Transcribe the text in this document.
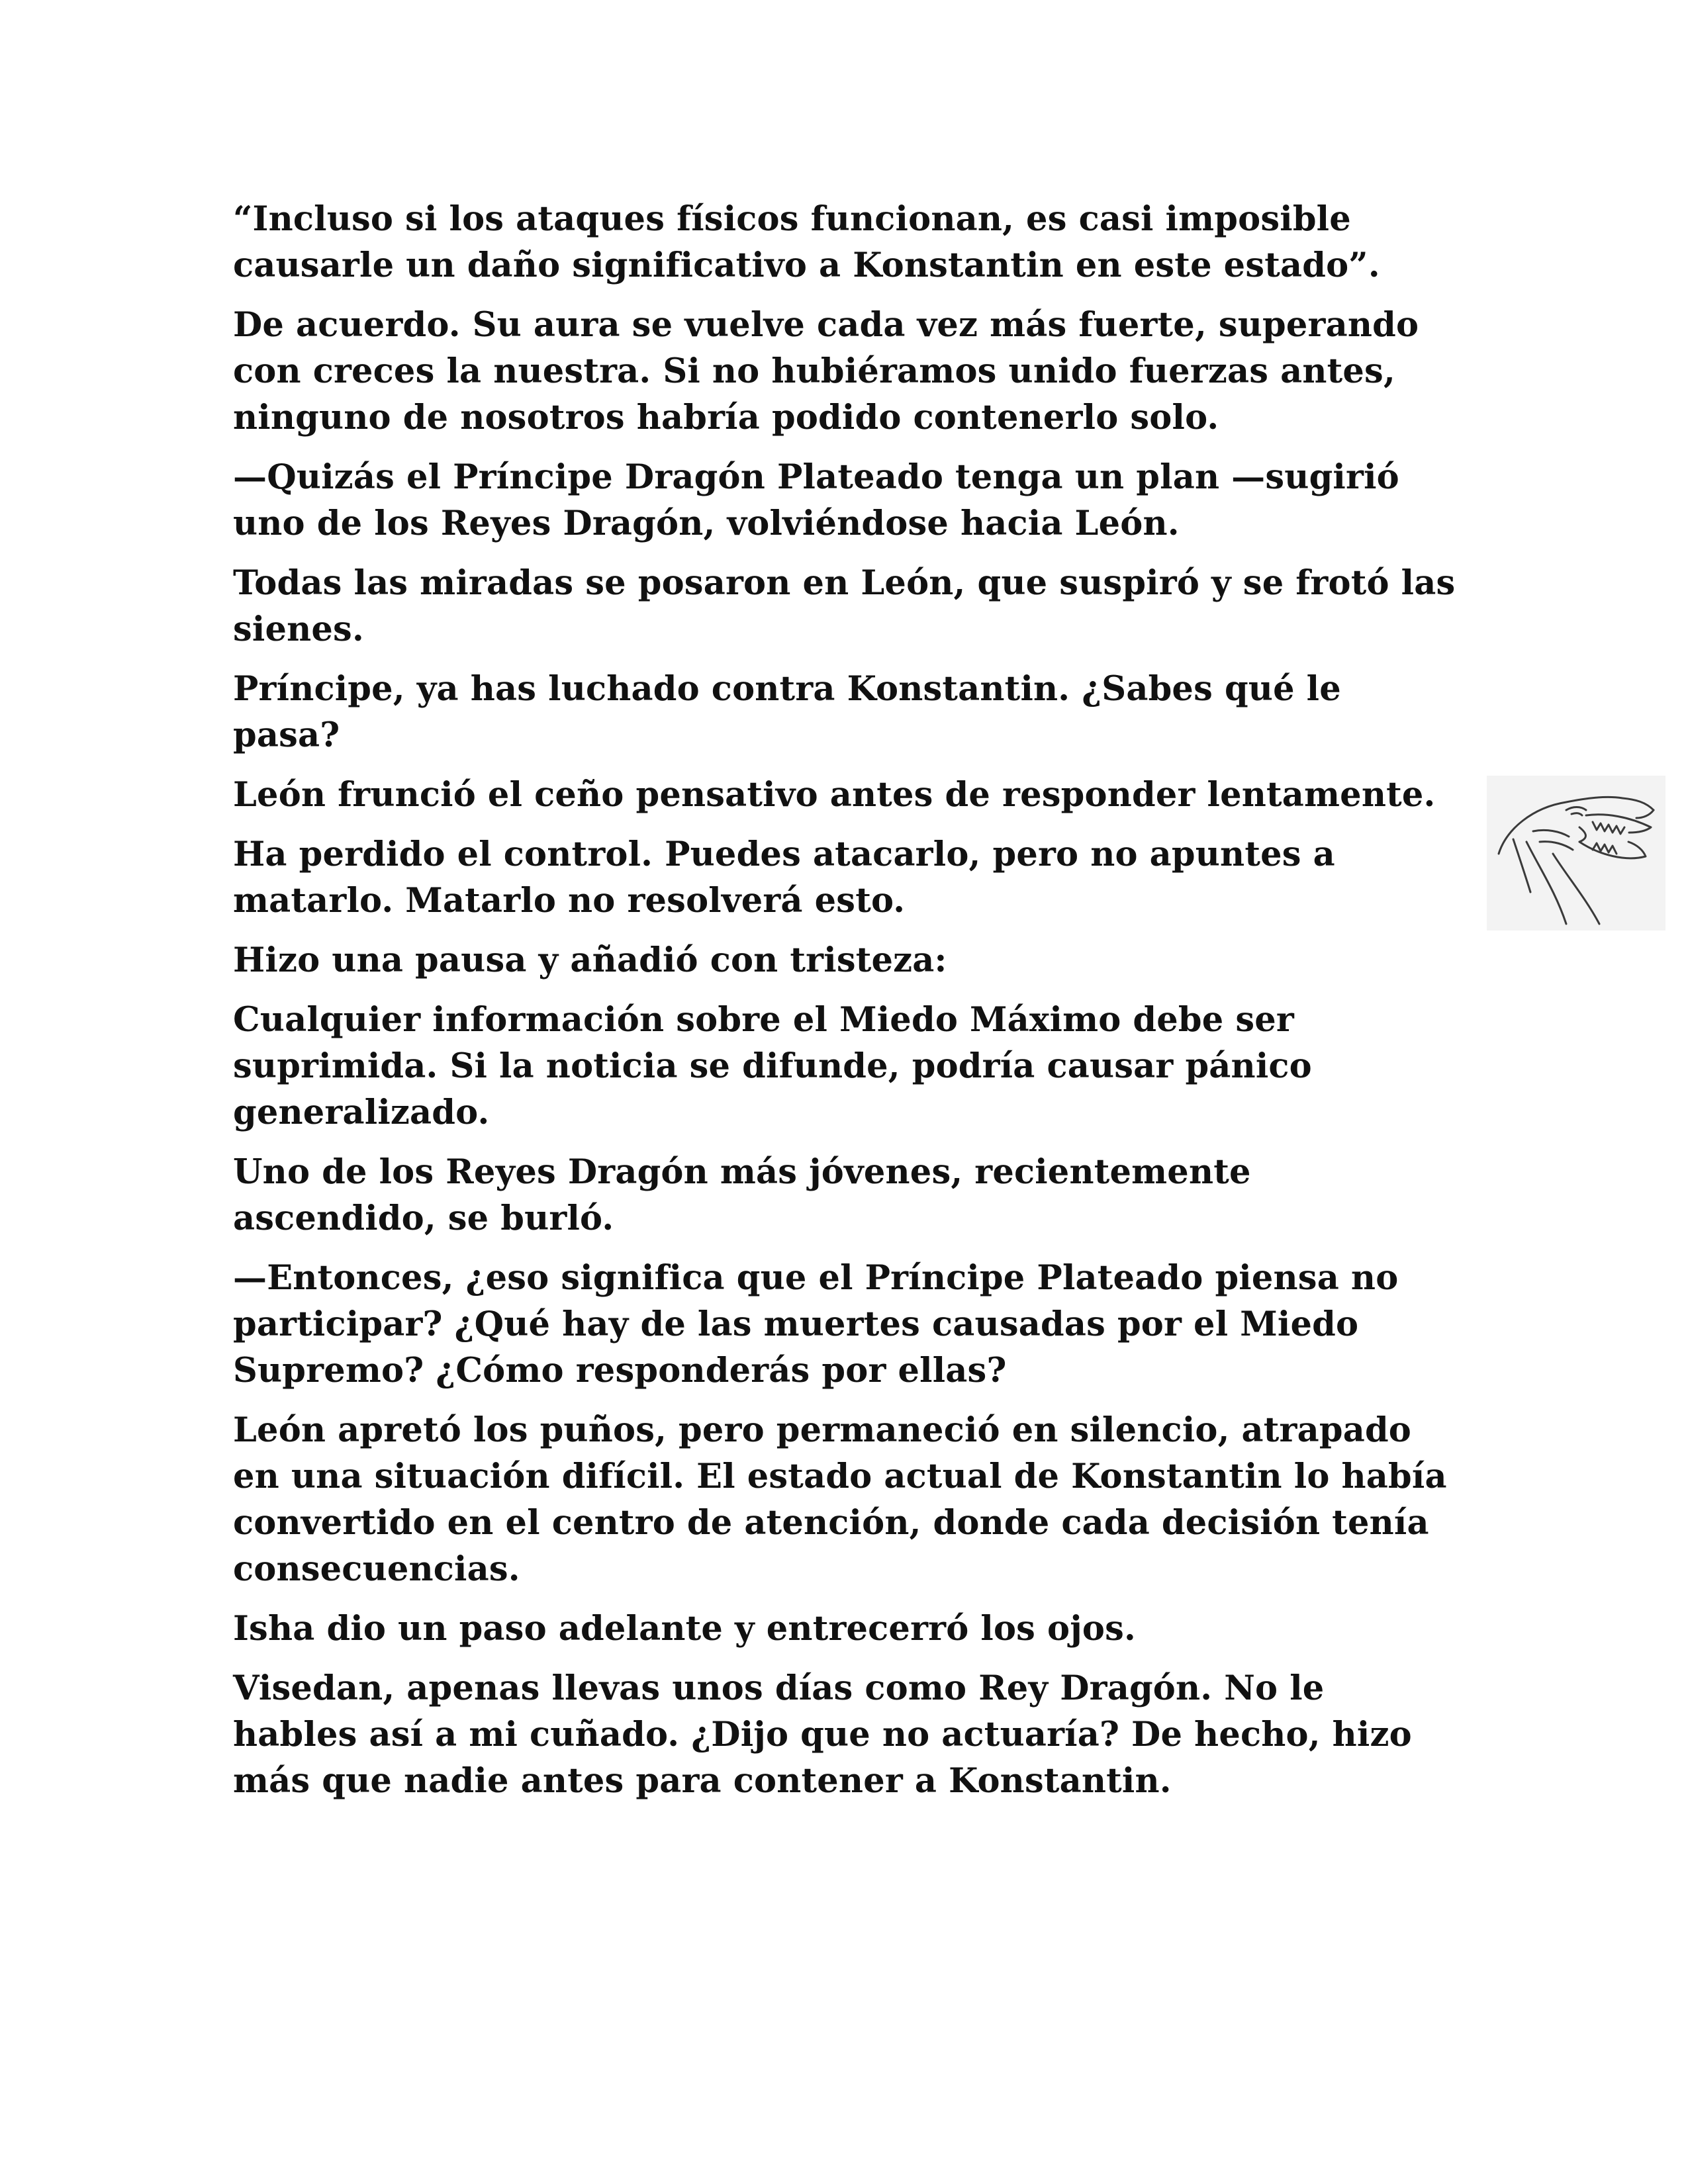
“Incluso si los ataques físicos funcionan, es casi imposible causarle un daño significativo a Konstantin en este estado”.

De acuerdo. Su aura se vuelve cada vez más fuerte, superando con creces la nuestra. Si no hubiéramos unido fuerzas antes, ninguno de nosotros habría podido contenerlo solo.

—Quizás el Príncipe Dragón Plateado tenga un plan —sugirió uno de los Reyes Dragón, volviéndose hacia León.

Todas las miradas se posaron en León, que suspiró y se frotó las sienes.

Príncipe, ya has luchado contra Konstantin. ¿Sabes qué le pasa?

León frunció el ceño pensativo antes de responder lentamente.

Ha perdido el control. Puedes atacarlo, pero no apuntes a matarlo. Matarlo no resolverá esto.

Hizo una pausa y añadió con tristeza:

Cualquier información sobre el Miedo Máximo debe ser suprimida. Si la noticia se difunde, podría causar pánico generalizado.

Uno de los Reyes Dragón más jóvenes, recientemente ascendido, se burló.

—Entonces, ¿eso significa que el Príncipe Plateado piensa no participar? ¿Qué hay de las muertes causadas por el Miedo Supremo? ¿Cómo responderás por ellas?

León apretó los puños, pero permaneció en silencio, atrapado en una situación difícil. El estado actual de Konstantin lo había convertido en el centro de atención, donde cada decisión tenía consecuencias.

Isha dio un paso adelante y entrecerró los ojos.

Visedan, apenas llevas unos días como Rey Dragón. No le hables así a mi cuñado. ¿Dijo que no actuaría? De hecho, hizo más que nadie antes para contener a Konstantin.
